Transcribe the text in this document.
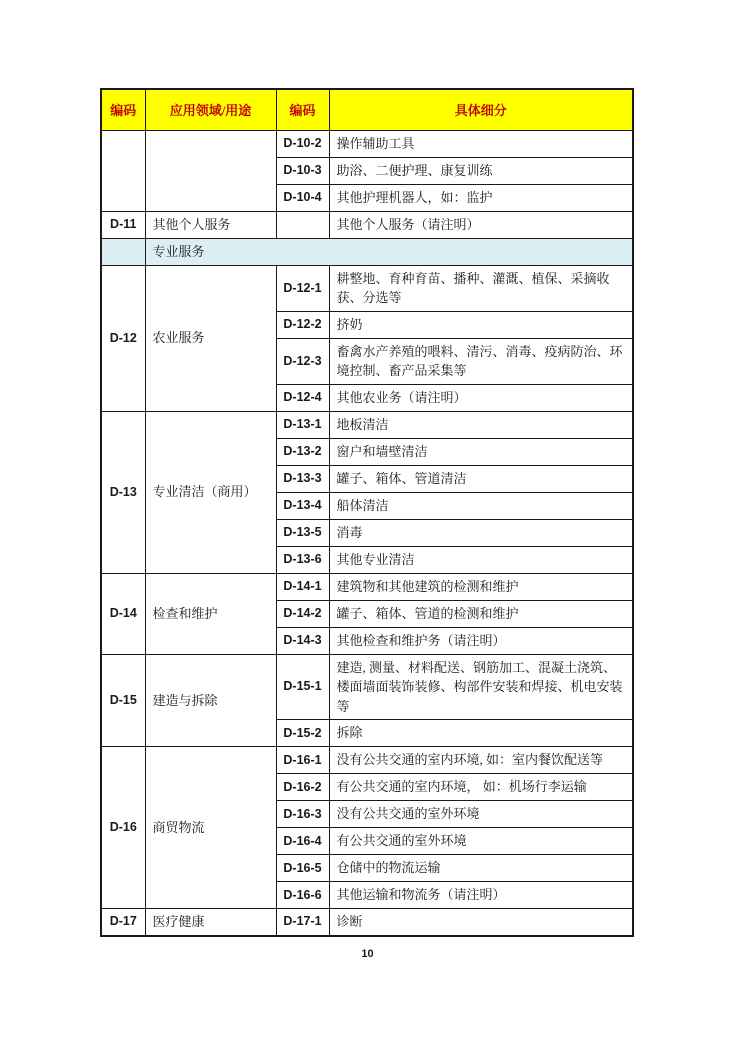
编码	应用领域/用途	编码	具体细分
		D-10-2	操作辅助工具
		D-10-3	助浴、二便护理、康复训练
		D-10-4	其他护理机器人，如：监护
D-11	其他个人服务		其他个人服务（请注明）
	专业服务		
D-12	农业服务	D-12-1	耕整地、育种育苗、播种、灌溉、植保、采摘收获、分选等
		D-12-2	挤奶
		D-12-3	畜禽水产养殖的喂料、清污、消毒、疫病防治、环境控制、畜产品采集等
		D-12-4	其他农业务（请注明）
D-13	专业清洁（商用）	D-13-1	地板清洁
		D-13-2	窗户和墙壁清洁
		D-13-3	罐子、箱体、管道清洁
		D-13-4	船体清洁
		D-13-5	消毒
		D-13-6	其他专业清洁
D-14	检查和维护	D-14-1	建筑物和其他建筑的检测和维护
		D-14-2	罐子、箱体、管道的检测和维护
		D-14-3	其他检查和维护务（请注明）
D-15	建造与拆除	D-15-1	建造, 测量、材料配送、钢筋加工、混凝土浇筑、楼面墙面装饰装修、构部件安装和焊接、机电安装等
		D-15-2	拆除
D-16	商贸物流	D-16-1	没有公共交通的室内环境, 如：室内餐饮配送等
		D-16-2	有公共交通的室内环境， 如：机场行李运输
		D-16-3	没有公共交通的室外环境
		D-16-4	有公共交通的室外环境
		D-16-5	仓储中的物流运输
		D-16-6	其他运输和物流务（请注明）
D-17	医疗健康	D-17-1	诊断
10
